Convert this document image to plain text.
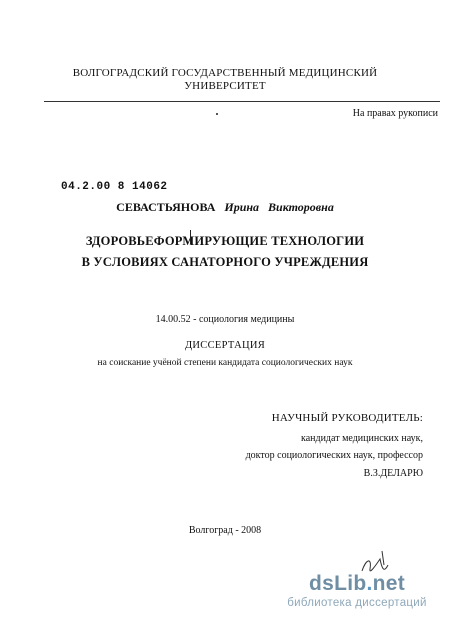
ВОЛГОГРАДСКИЙ ГОСУДАРСТВЕННЫЙ МЕДИЦИНСКИЙ
УНИВЕРСИТЕТ
На правах рукописи
04.2.00 8 14062
СЕВАСТЬЯНОВА Ирина Викторовна
ЗДОРОВЬЕФОРМИРУЮЩИЕ ТЕХНОЛОГИИ
В УСЛОВИЯХ САНАТОРНОГО УЧРЕЖДЕНИЯ
14.00.52 - социология медицины
ДИССЕРТАЦИЯ
на соискание учёной степени кандидата социологических наук
НАУЧНЫЙ РУКОВОДИТЕЛЬ:
кандидат медицинских наук,
доктор социологических наук, профессор
В.З.ДЕЛАРЮ
Волгоград - 2008
dsLib.net
библиотека диссертаций
